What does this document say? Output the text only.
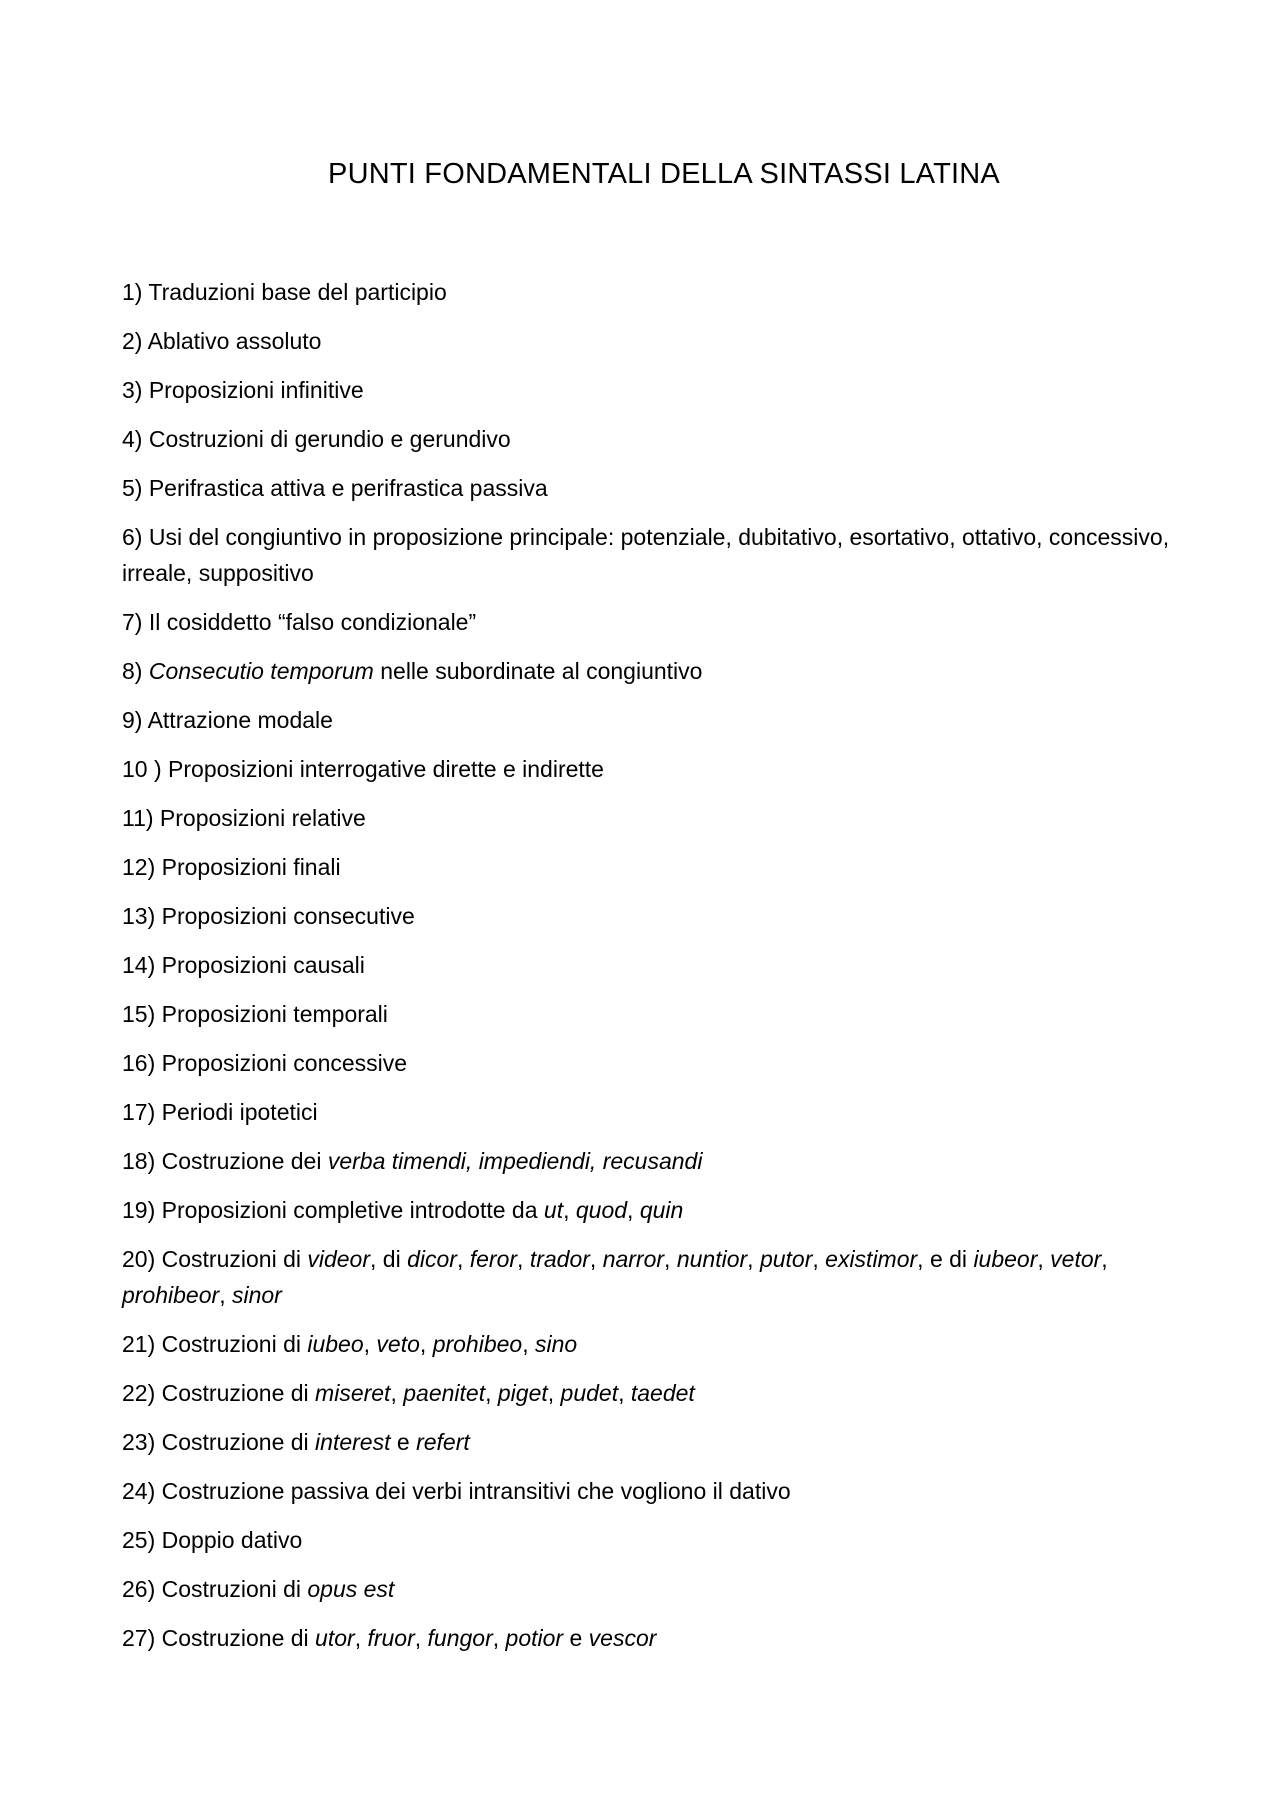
PUNTI FONDAMENTALI DELLA SINTASSI LATINA
1) Traduzioni base del participio
2) Ablativo assoluto
3) Proposizioni infinitive
4) Costruzioni di gerundio e gerundivo
5) Perifrastica attiva e perifrastica passiva
6) Usi del congiuntivo in proposizione principale: potenziale, dubitativo, esortativo, ottativo, concessivo, irreale, suppositivo
7) Il cosiddetto “falso condizionale”
8) Consecutio temporum nelle subordinate al congiuntivo
9) Attrazione modale
10 ) Proposizioni interrogative dirette e indirette
11) Proposizioni relative
12) Proposizioni finali
13) Proposizioni consecutive
14) Proposizioni causali
15) Proposizioni temporali
16) Proposizioni concessive
17) Periodi ipotetici
18) Costruzione dei verba timendi, impediendi, recusandi
19) Proposizioni completive introdotte da ut, quod, quin
20) Costruzioni di videor, di dicor, feror, trador, narror, nuntior, putor, existimor, e di iubeor, vetor, prohibeor, sinor
21) Costruzioni di iubeo, veto, prohibeo, sino
22) Costruzione di miseret, paenitet, piget, pudet, taedet
23) Costruzione di interest e refert
24) Costruzione passiva dei verbi intransitivi che vogliono il dativo
25) Doppio dativo
26) Costruzioni di opus est
27) Costruzione di utor, fruor, fungor, potior e vescor
